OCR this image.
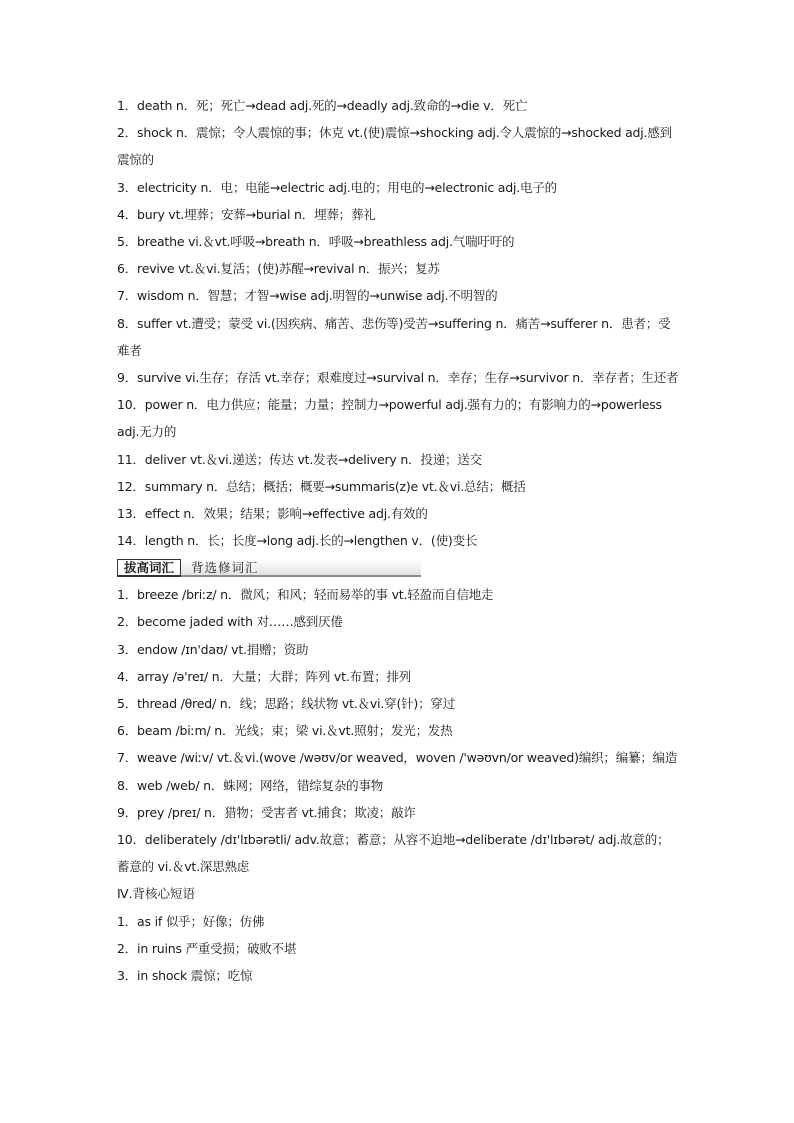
1．death n．死；死亡→dead adj.死的→deadly adj.致命的→die v．死亡
2．shock n．震惊；令人震惊的事；休克 vt.(使)震惊→shocking adj.令人震惊的→shocked adj.感到震惊的
3．electricity n．电；电能→electric adj.电的；用电的→electronic adj.电子的
4．bury vt.埋葬；安葬→burial n．埋葬；葬礼
5．breathe vi.＆vt.呼吸→breath n．呼吸→breathless adj.气喘吁吁的
6．revive vt.＆vi.复活；(使)苏醒→revival n．振兴；复苏
7．wisdom n．智慧；才智→wise adj.明智的→unwise adj.不明智的
8．suffer vt.遭受；蒙受 vi.(因疾病、痛苦、悲伤等)受苦→suffering n．痛苦→sufferer n．患者；受难者
9．survive vi.生存；存活 vt.幸存；艰难度过→survival n．幸存；生存→survivor n．幸存者；生还者
10．power n．电力供应；能量；力量；控制力→powerful adj.强有力的；有影响力的→powerless adj.无力的
11．deliver vt.＆vi.递送；传达 vt.发表→delivery n．投递；送交
12．summary n．总结；概括；概要→summaris(z)e vt.＆vi.总结；概括
13．effect n．效果；结果；影响→effective adj.有效的
14．length n．长；长度→long adj.长的→lengthen v．(使)变长
拔高词汇	背选修词汇
1．breeze /briːz/ n．微风；和风；轻而易举的事 vt.轻盈而自信地走
2．become jaded with 对……感到厌倦
3．endow /ɪn'daʊ/ vt.捐赠；资助
4．array /ə'reɪ/ n．大量；大群；阵列 vt.布置；排列
5．thread /θred/ n．线；思路；线状物 vt.＆vi.穿(针)；穿过
6．beam /biːm/ n．光线；束；梁 vi.＆vt.照射；发光；发热
7．weave /wiːv/ vt.＆vi.(wove /wəʊv/or weaved，woven /'wəʊvn/or weaved)编织；编纂；编造
8．web /web/ n．蛛网；网络，错综复杂的事物
9．prey /preɪ/ n．猎物；受害者 vt.捕食；欺凌；敲诈
10．deliberately /dɪ'lɪbərətli/ adv.故意；蓄意；从容不迫地→deliberate /dɪ'lɪbərət/ adj.故意的；蓄意的 vi.＆vt.深思熟虑
Ⅳ.背核心短语
1．as if 似乎；好像；仿佛
2．in ruins 严重受损；破败不堪
3．in shock 震惊；吃惊
